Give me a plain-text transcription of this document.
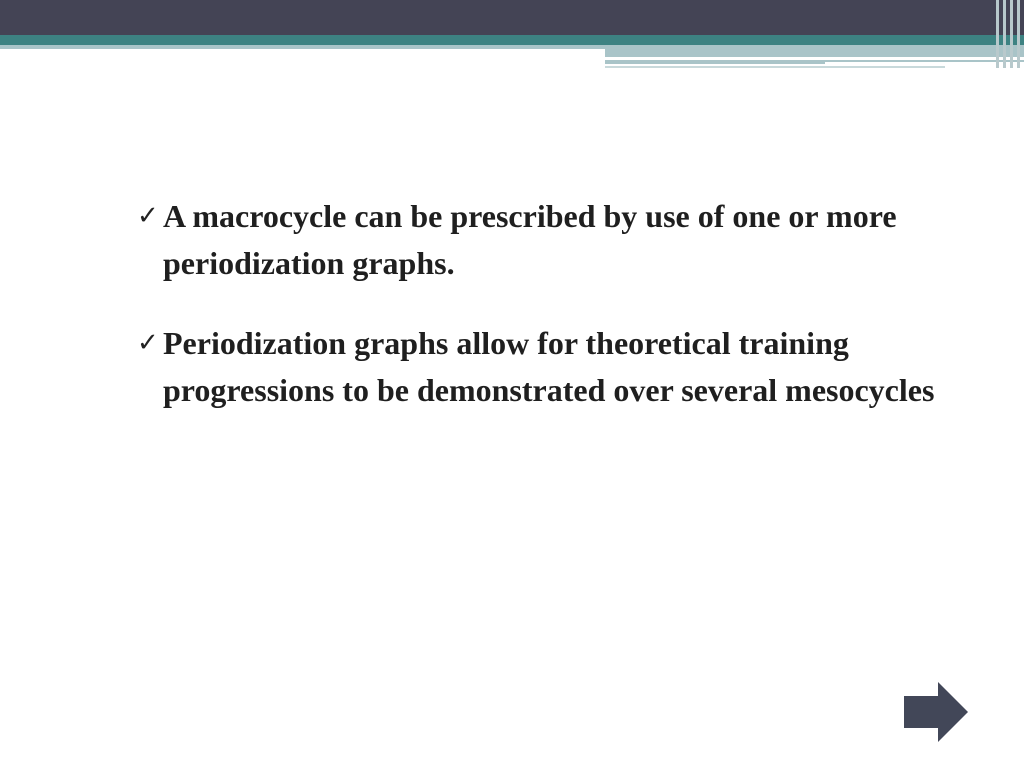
✓ A macrocycle can be prescribed by use of one or more periodization graphs.
✓ Periodization graphs allow for theoretical training progressions to be demonstrated over several mesocycles
